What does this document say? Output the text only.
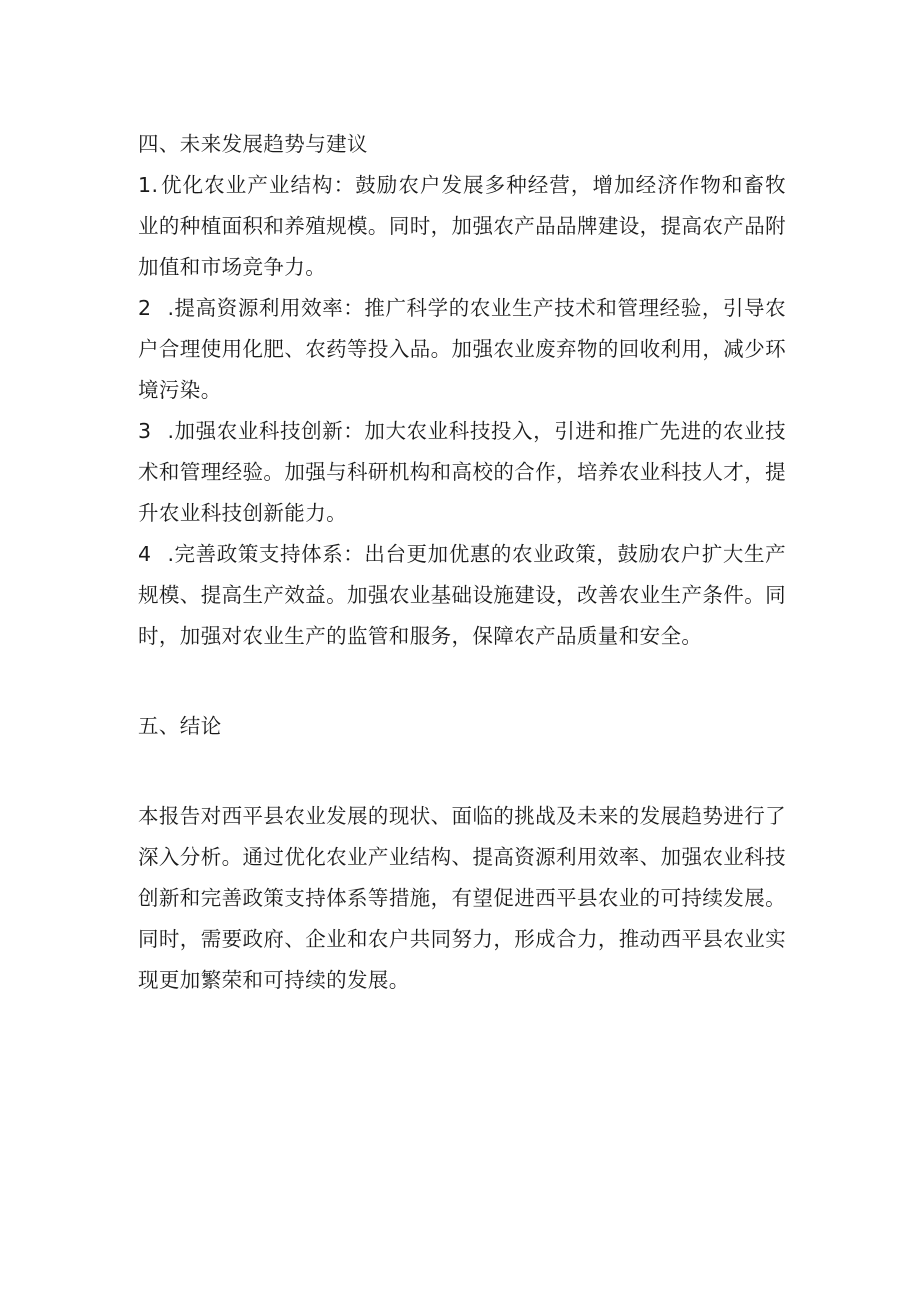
四、未来发展趋势与建议

1.优化农业产业结构：鼓励农户发展多种经营，增加经济作物和畜牧业的种植面积和养殖规模。同时，加强农产品品牌建设，提高农产品附加值和市场竞争力。

2 .提高资源利用效率：推广科学的农业生产技术和管理经验，引导农户合理使用化肥、农药等投入品。加强农业废弃物的回收利用，减少环境污染。

3 .加强农业科技创新：加大农业科技投入，引进和推广先进的农业技术和管理经验。加强与科研机构和高校的合作，培养农业科技人才，提升农业科技创新能力。

4 .完善政策支持体系：出台更加优惠的农业政策，鼓励农户扩大生产规模、提高生产效益。加强农业基础设施建设，改善农业生产条件。同时，加强对农业生产的监管和服务，保障农产品质量和安全。

五、结论

本报告对西平县农业发展的现状、面临的挑战及未来的发展趋势进行了深入分析。通过优化农业产业结构、提高资源利用效率、加强农业科技创新和完善政策支持体系等措施，有望促进西平县农业的可持续发展。同时，需要政府、企业和农户共同努力，形成合力，推动西平县农业实现更加繁荣和可持续的发展。
